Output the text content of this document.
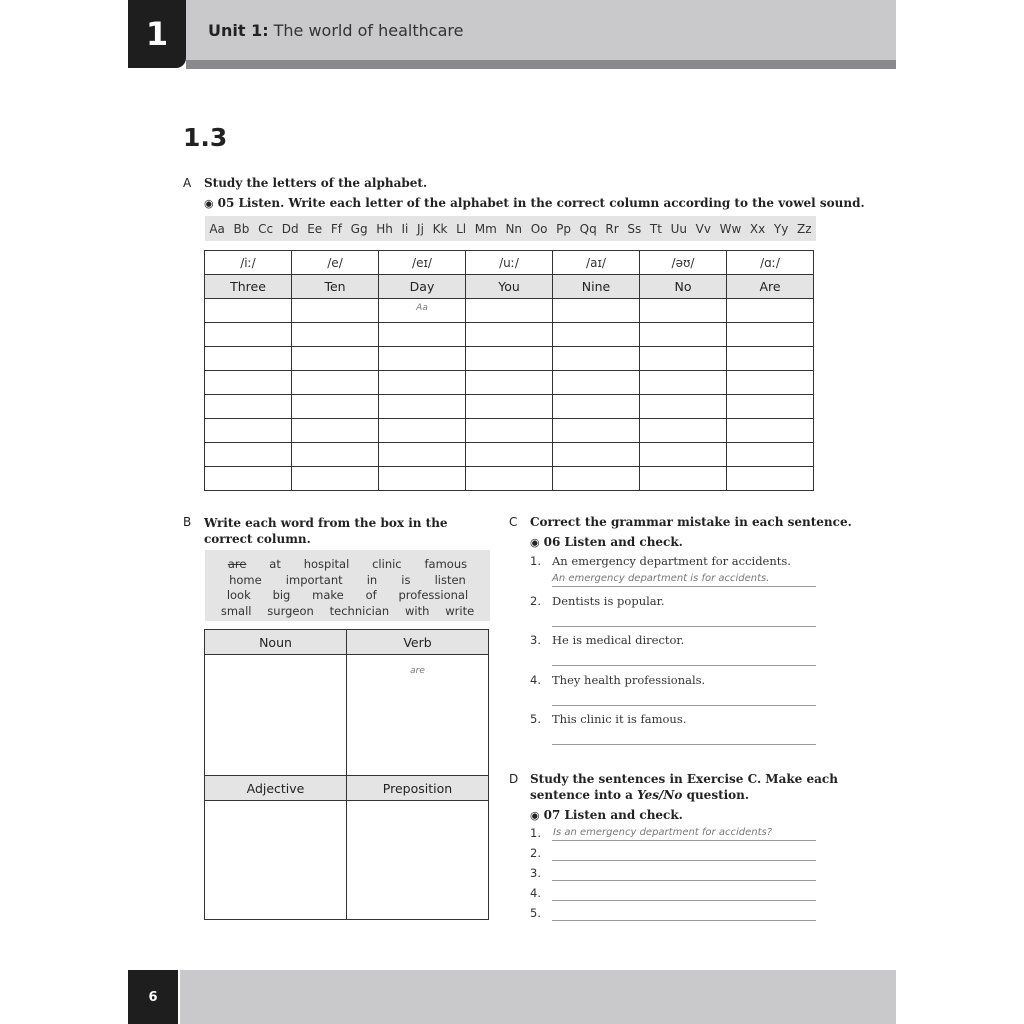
1	Unit 1: The world of healthcare
1.3
A Study the letters of the alphabet.
◉ 05 Listen. Write each letter of the alphabet in the correct column according to the vowel sound.
Aa Bb Cc Dd Ee Ff Gg Hh Ii Jj Kk Ll Mm Nn Oo Pp Qq Rr Ss Tt Uu Vv Ww Xx Yy Zz
/iː/	/e/	/eɪ/	/uː/	/aɪ/	/əʊ/	/ɑː/
Three	Ten	Day	You	Nine	No	Are
		Aa				

B Write each word from the box in the correct column.
are at hospital clinic famous
home important in is listen
look big make of professional
small surgeon technician with write
Noun	Verb
	$_{are}$
Adjective	Preposition

C Correct the grammar mistake in each sentence.
◉ 06 Listen and check.
1. An emergency department for accidents.
An emergency department is for accidents.
2. Dentists is popular.
3. He is medical director.
4. They health professionals.
5. This clinic it is famous.
D Study the sentences in Exercise C. Make each
sentence into a Yes/No question.
◉ 07 Listen and check.
1. Is an emergency department for accidents?
2.
3.
4.
5.
6
